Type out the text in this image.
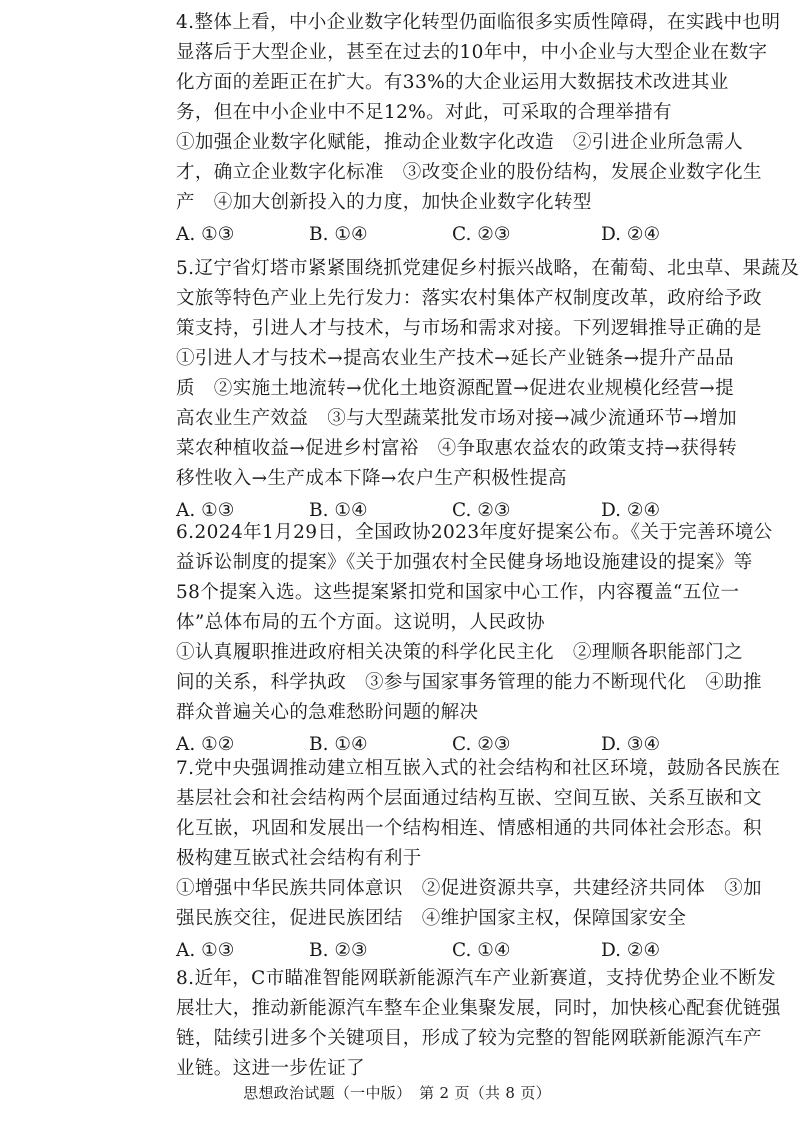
4.整体上看，中小企业数字化转型仍面临很多实质性障碍，在实践中也明
显落后于大型企业，甚至在过去的10年中，中小企业与大型企业在数字
化方面的差距正在扩大。有33%的大企业运用大数据技术改进其业
务，但在中小企业中不足12%。对此，可采取的合理举措有
①加强企业数字化赋能，推动企业数字化改造　②引进企业所急需人
才，确立企业数字化标准　③改变企业的股份结构，发展企业数字化生
产　④加大创新投入的力度，加快企业数字化转型
A. ①③	B. ①④	C. ②③	D. ②④
5.辽宁省灯塔市紧紧围绕抓党建促乡村振兴战略，在葡萄、北虫草、果蔬及
文旅等特色产业上先行发力：落实农村集体产权制度改革，政府给予政
策支持，引进人才与技术，与市场和需求对接。下列逻辑推导正确的是
①引进人才与技术→提高农业生产技术→延长产业链条→提升产品品
质　②实施土地流转→优化土地资源配置→促进农业规模化经营→提
高农业生产效益　③与大型蔬菜批发市场对接→减少流通环节→增加
菜农种植收益→促进乡村富裕　④争取惠农益农的政策支持→获得转
移性收入→生产成本下降→农户生产积极性提高
A. ①③	B. ①④	C. ②③	D. ②④
6.2024年1月29日，全国政协2023年度好提案公布。《关于完善环境公
益诉讼制度的提案》《关于加强农村全民健身场地设施建设的提案》等
58个提案入选。这些提案紧扣党和国家中心工作，内容覆盖“五位一
体”总体布局的五个方面。这说明，人民政协
①认真履职推进政府相关决策的科学化民主化　②理顺各职能部门之
间的关系，科学执政　③参与国家事务管理的能力不断现代化　④助推
群众普遍关心的急难愁盼问题的解决
A. ①②	B. ①④	C. ②③	D. ③④
7.党中央强调推动建立相互嵌入式的社会结构和社区环境，鼓励各民族在
基层社会和社会结构两个层面通过结构互嵌、空间互嵌、关系互嵌和文
化互嵌，巩固和发展出一个结构相连、情感相通的共同体社会形态。积
极构建互嵌式社会结构有利于
①增强中华民族共同体意识　②促进资源共享，共建经济共同体　③加
强民族交往，促进民族团结　④维护国家主权，保障国家安全
A. ①③	B. ②③	C. ①④	D. ②④
8.近年，C市瞄准智能网联新能源汽车产业新赛道，支持优势企业不断发
展壮大，推动新能源汽车整车企业集聚发展，同时，加快核心配套优链强
链，陆续引进多个关键项目，形成了较为完整的智能网联新能源汽车产
业链。这进一步佐证了
思想政治试题（一中版）　第 2 页（共 8 页）
